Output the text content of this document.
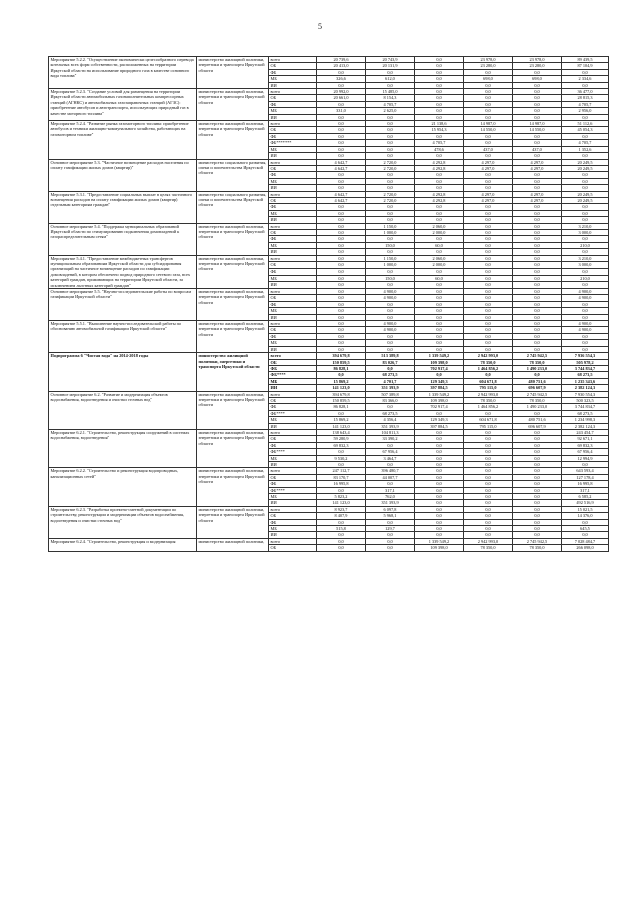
5
Мероприятие 5.2.2. "Осуществление экономически целесообразного перевода котельных всех форм собственности, расположенных на территории Иркутской области на использование природного газа в качестве основного вида топлива"	министерство жилищной политики, энергетики и транспорта Иркутской области	всего	20 739,6	20 743,9	0,0	23 978,0	23 978,0	89 439,5
		ОБ	20 413,0	20 131,9	0,0	23 280,0	23 280,0	87 104,9
		ФБ	0,0	0,0	0,0	0,0	0,0	0,0
		МБ	326,6	612,0	0,0	698,0	698,0	2 334,6
		ИИ	0,0	0,0	0,0	0,0	0,0	0,0
Мероприятие 5.2.3. "Создание условий для размещения на территории Иркутской области автомобильных газонаполнительных компрессорных станций (АГНКС) и автомобильных газозаправочных станций (АГЗС): приобретение автобусов и автотранспорта, использующих природный газ в качестве моторного топлива"	министерство жилищной политики, энергетики и транспорта Иркутской области	всего	20 992,0	15 485,0	0,0	0,0	0,0	36 477,0
		ОБ	20 661,0	8 154,3	0,0	0,0	0,0	28 815,3
		ФБ	0,0	4 705,7	0,0	0,0	0,0	4 705,7
		МБ	331,0	2 625,0	0,0	0,0	0,0	2 956,0
		ИИ	0,0	0,0	0,0	0,0	0,0	0,0
Мероприятие 5.2.4. "Развитие рынка газомоторного топлива: приобретение автобусов и техники жилищно-коммунального хозяйства, работающих на газомоторном топливе"	министерство жилищной политики, энергетики и транспорта Иркутской области	всего	0,0	0,0	21 138,6	14 987,0	14 987,0	51 112,6
		ОБ	0,0	0,0	15 954,3	14 550,0	14 550,0	45 054,3
		ФБ	0,0	0,0	0,0	0,0	0,0	0,0
		ФБ*******	0,0	0,0	4 705,7	0,0	0,0	4 705,7
		МБ	0,0	0,0	478,6	437,0	437,0	1 352,6
		ИИ	0,0	0,0	0,0	0,0	0,0	0,0
Основное мероприятие 5.3. "Частичное возмещение расходов населения по оплату газификации жилых домов (квартир)"	министерство социального развития, опеки и попечительства Иркутской области	всего	4 642,7	2 720,0	4 292,8	4 297,0	4 297,0	20 249,5
		ОБ	4 642,7	2 720,0	4 292,8	4 297,0	4 297,0	20 249,5
		ФБ	0,0	0,0	0,0	0,0	0,0	0,0
		МБ	0,0	0,0	0,0	0,0	0,0	0,0
		ИИ	0,0	0,0	0,0	0,0	0,0	0,0
Мероприятие 5.3.1. "Предоставление социальных выплат в целях частичного возмещения расходов на оплату газификации жилых домов (квартир) отдельным категориям граждан"	министерство социального развития, опеки и попечительства Иркутской области	всего	4 642,7	2 720,0	4 292,8	4 297,0	4 297,0	20 249,5
		ОБ	4 642,7	2 720,0	4 292,8	4 297,0	4 297,0	20 249,5
		ФБ	0,0	0,0	0,0	0,0	0,0	0,0
		МБ	0,0	0,0	0,0	0,0	0,0	0,0
		ИИ	0,0	0,0	0,0	0,0	0,0	0,0
Основное мероприятие 5.4. "Поддержка муниципальных образований Иркутской области по стимулированию подключения домовладений к газораспределительным сетям"	министерство жилищной политики, энергетики и транспорта Иркутской области	всего	0,0	1 150,0	2 060,0	0,0	0,0	3 210,0
		ОБ	0,0	1 000,0	2 000,0	0,0	0,0	3 000,0
		ФБ	0,0	0,0	0,0	0,0	0,0	0,0
		МБ	0,0	150,0	60,0	0,0	0,0	210,0
		ИИ	0,0	0,0	0,0	0,0	0,0	0,0
Мероприятие 5.4.1. "Предоставление межбюджетных трансфертов муниципальным образованиям Иркутской области для субсидирования организаций на частичное возмещение расходов по газификации домовладений, в котором обеспечено подвод природного сетевого газа, всех категорий граждан, проживающих на территории Иркутской области, за исключением льготных категорий граждан"	министерство жилищной политики, энергетики и транспорта Иркутской области	всего	0,0	1 150,0	2 060,0	0,0	0,0	3 210,0
		ОБ	0,0	1 000,0	2 000,0	0,0	0,0	3 000,0
		ФБ	0,0	0,0	0,0	0,0	0,0	0,0
		МБ	0,0	150,0	60,0	0,0	0,0	210,0
		ИИ	0,0	0,0	0,0	0,0	0,0	0,0
Основное мероприятие 5.5. "Научно-исследовательские работы по вопросам газификации Иркутской области"	министерство жилищной политики, энергетики и транспорта Иркутской области	всего	0,0	4 900,0	0,0	0,0	0,0	4 900,0
		ОБ	0,0	4 900,0	0,0	0,0	0,0	4 900,0
		ФБ	0,0	0,0	0,0	0,0	0,0	0,0
		МБ	0,0	0,0	0,0	0,0	0,0	0,0
		ИИ	0,0	0,0	0,0	0,0	0,0	0,0
Мероприятие 5.5.1. "Выполнение научно-исследовательской работы по обоснованию автомобильной газификации Иркутской области"	министерство жилищной политики, энергетики и транспорта Иркутской области	всего	0,0	4 900,0	0,0	0,0	0,0	4 900,0
		ОБ	0,0	4 900,0	0,0	0,0	0,0	4 900,0
		ФБ	0,0	0,0	0,0	0,0	0,0	0,0
		МБ	0,0	0,0	0,0	0,0	0,0	0,0
		ИИ	0,0	0,0	0,0	0,0	0,0	0,0
Подпрограмма 6 "Чистая вода" на 2014-2018 годы	министерство жилищной политики, энергетики и транспорта Иркутской области	всего	394 679,8	513 389,8	1 339 549,2	2 942 993,0	2 745 942,5	7 936 554,3
		ОБ	150 859,5	83 026,7	109 398,0	78 350,0	78 350,0	505 978,2
		ФБ	86 828,1	0,0	702 917,4	1 464 856,2	1 490 233,0	3 744 834,7
		ФБ****	0,0	68 273,5	0,0	0,0	0,0	68 273,5
		МБ	15 869,2	4 701,7	129 349,3	604 671,8	480 751,6	1 235 343,6
		ИИ	141 123,0	351 393,9	397 884,5	795 115,0	696 607,9	2 382 124,3
Основное мероприятие 6.2. "Развитие и модернизация объектов водоснабжения, водоотведения и очистки сточных вод"	министерство жилищной политики, энергетики и транспорта Иркутской области	всего	394 679,8	507 389,8	1 339 549,2	2 942 993,0	2 745 942,5	7 930 554,3
		ОБ	150 859,5	83 366,0	109 398,0	78 350,0	78 350,0	500 323,5
		ФБ	86 828,1	0,0	702 917,4	1 464 856,2	1 490 233,0	3 744 834,7
		ФБ****	0,0	68 273,5	0,0	0,0	0,0	68 273,5
		МБ	15 869,2	4 356,4	129 349,3	604 671,8	480 751,6	1 234 998,3
		ИИ	141 123,0	351 393,9	397 884,5	795 115,0	696 607,9	2 382 124,3
Мероприятие 6.2.1. "Строительство, реконструкция сооружений в системах водоснабжения, водоотведения"	министерство жилищной политики, энергетики и транспорта Иркутской области	всего	138 643,4	104 811,3	0,0	0,0	0,0	243 454,7
		ОБ	59 280,9	33 390,2	0,0	0,0	0,0	92 671,1
		ФБ	69 832,3	0,0	0,0	0,0	0,0	69 832,3
		ФБ****	0,0	67 956,4	0,0	0,0	0,0	67 956,4
		МБ	9 530,2	3 464,7	0,0	0,0	0,0	12 994,9
		ИИ	0,0	0,0	0,0	0,0	0,0	0,0
Мероприятие 6.2.2. "Строительство и реконструкция водопроводных, канализационных сетей"	министерство жилищной политики, энергетики и транспорта Иркутской области	всего	247 112,7	396 480,7	0,0	0,0	0,0	643 593,4
		ОБ	83 170,7	44 007,7	0,0	0,0	0,0	127 178,4
		ФБ	16 995,8	0,0	0,0	0,0	0,0	16 995,8
		ФБ****	0,0	317,1	0,0	0,0	0,0	317,1
		МБ	5 823,2	762,0	0,0	0,0	0,0	6 585,2
		ИИ	141 123,0	351 393,9	0,0	0,0	0,0	492 516,9
Мероприятие 6.2.3. "Разработка проектно-сметной документации по строительству, реконструкции и модернизации объектов водоснабжения, водоотведения и очистки сточных вод"	министерство жилищной политики, энергетики и транспорта Иркутской области	всего	8 923,7	6 097,8	0,0	0,0	0,0	15 021,5
		ОБ	8 407,9	5 968,1	0,0	0,0	0,0	14 376,0
		ФБ	0,0	0,0	0,0	0,0	0,0	0,0
		МБ	515,8	129,7	0,0	0,0	0,0	645,5
		ИИ	0,0	0,0	0,0	0,0	0,0	0,0
Мероприятие 6.2.4. "Строительство, реконструкция и модернизация	министерство жилищной политики,	всего	0,0	0,0	1 339 549,2	2 942 993,0	2 745 942,5	7 028 484,7
		ОБ	0,0	0,0	109 398,0	78 350,0	78 350,0	266 098,0
